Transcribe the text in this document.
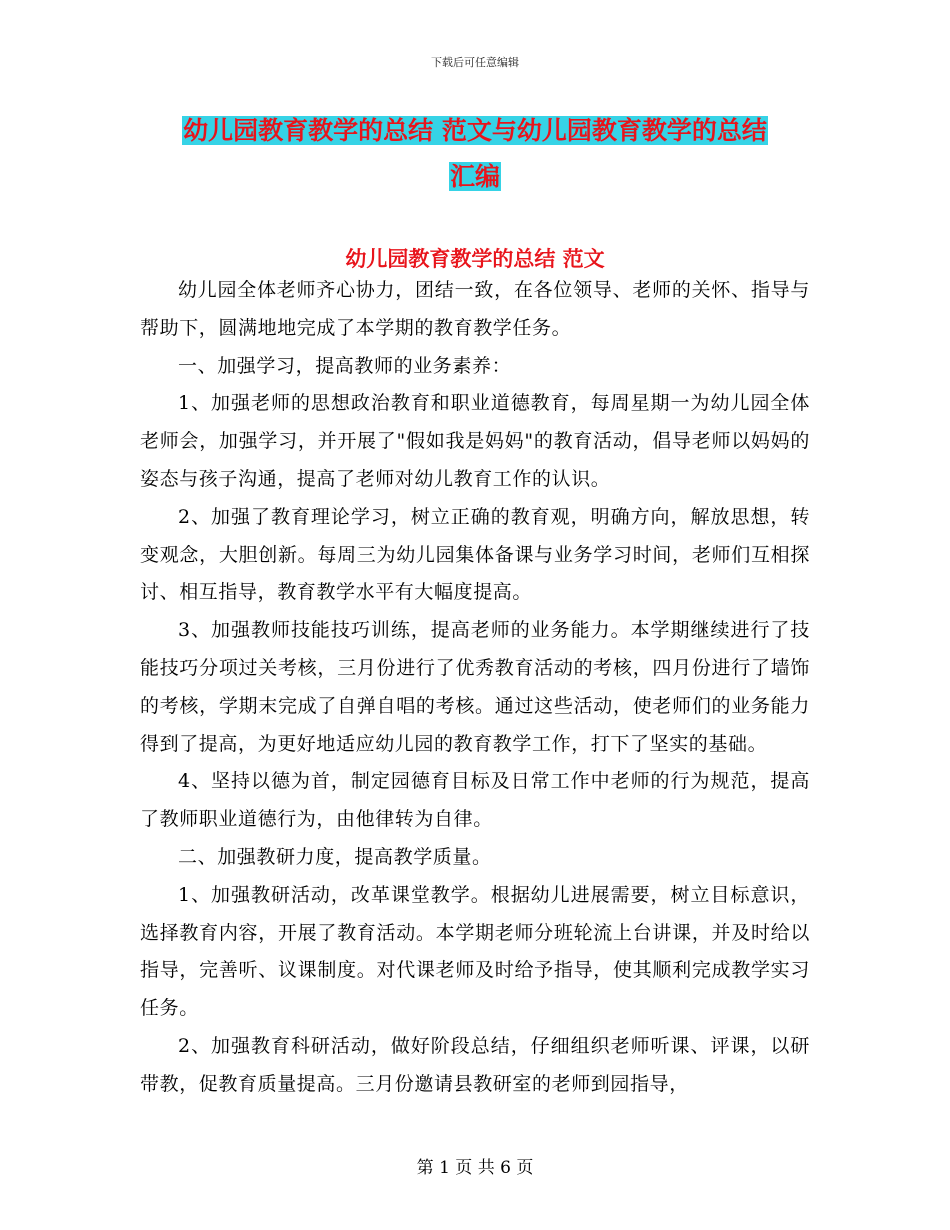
下载后可任意编辑
幼儿园教育教学的总结 范文与幼儿园教育教学的总结
汇编
幼儿园教育教学的总结 范文

幼儿园全体老师齐心协力，团结一致，在各位领导、老师的关怀、指导与帮助下，圆满地地完成了本学期的教育教学任务。

一、加强学习，提高教师的业务素养：

1、加强老师的思想政治教育和职业道德教育，每周星期一为幼儿园全体老师会，加强学习，并开展了"假如我是妈妈"的教育活动，倡导老师以妈妈的姿态与孩子沟通，提高了老师对幼儿教育工作的认识。

2、加强了教育理论学习，树立正确的教育观，明确方向，解放思想，转变观念，大胆创新。每周三为幼儿园集体备课与业务学习时间，老师们互相探讨、相互指导，教育教学水平有大幅度提高。

3、加强教师技能技巧训练，提高老师的业务能力。本学期继续进行了技能技巧分项过关考核，三月份进行了优秀教育活动的考核，四月份进行了墙饰的考核，学期末完成了自弹自唱的考核。通过这些活动，使老师们的业务能力得到了提高，为更好地适应幼儿园的教育教学工作，打下了坚实的基础。

4、坚持以德为首，制定园德育目标及日常工作中老师的行为规范，提高了教师职业道德行为，由他律转为自律。

二、加强教研力度，提高教学质量。

1、加强教研活动，改革课堂教学。根据幼儿进展需要，树立目标意识，选择教育内容，开展了教育活动。本学期老师分班轮流上台讲课，并及时给以指导，完善听、议课制度。对代课老师及时给予指导，使其顺利完成教学实习任务。

2、加强教育科研活动，做好阶段总结，仔细组织老师听课、评课，以研带教，促教育质量提高。三月份邀请县教研室的老师到园指导，

第 1 页 共 6 页
